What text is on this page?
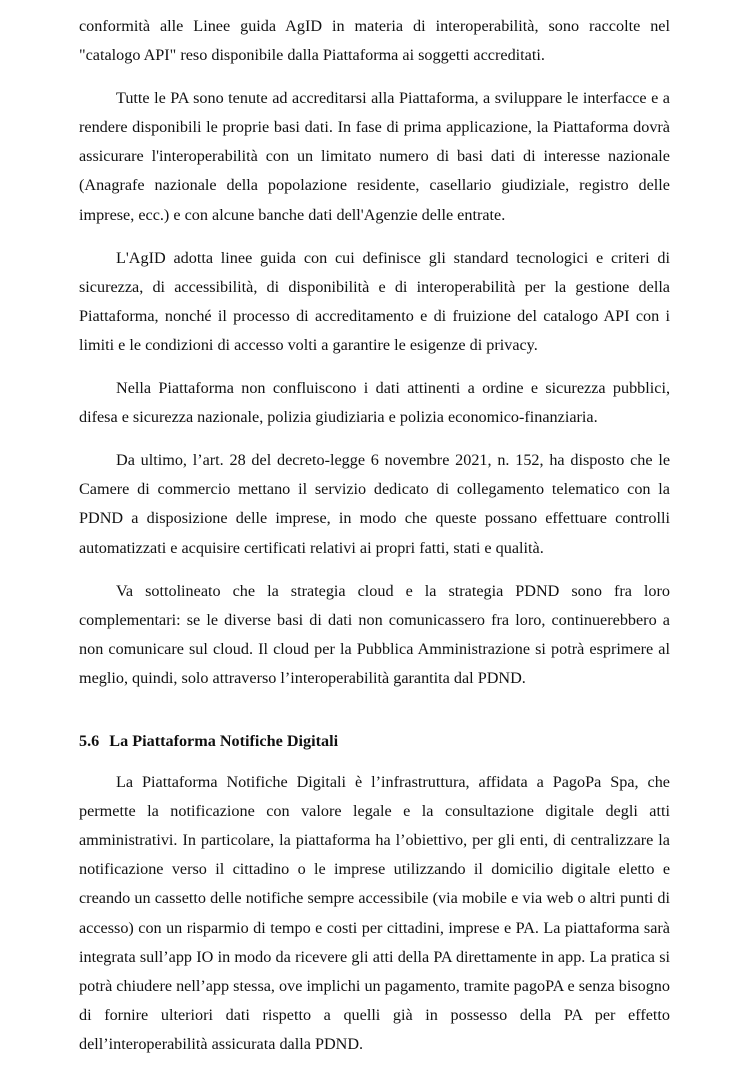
conformità alle Linee guida AgID in materia di interoperabilità, sono raccolte nel "catalogo API" reso disponibile dalla Piattaforma ai soggetti accreditati.

Tutte le PA sono tenute ad accreditarsi alla Piattaforma, a sviluppare le interfacce e a rendere disponibili le proprie basi dati. In fase di prima applicazione, la Piattaforma dovrà assicurare l'interoperabilità con un limitato numero di basi dati di interesse nazionale (Anagrafe nazionale della popolazione residente, casellario giudiziale, registro delle imprese, ecc.) e con alcune banche dati dell'Agenzie delle entrate.

L'AgID adotta linee guida con cui definisce gli standard tecnologici e criteri di sicurezza, di accessibilità, di disponibilità e di interoperabilità per la gestione della Piattaforma, nonché il processo di accreditamento e di fruizione del catalogo API con i limiti e le condizioni di accesso volti a garantire le esigenze di privacy.

Nella Piattaforma non confluiscono i dati attinenti a ordine e sicurezza pubblici, difesa e sicurezza nazionale, polizia giudiziaria e polizia economico-finanziaria.

Da ultimo, l’art. 28 del decreto-legge 6 novembre 2021, n. 152, ha disposto che le Camere di commercio mettano il servizio dedicato di collegamento telematico con la PDND a disposizione delle imprese, in modo che queste possano effettuare controlli automatizzati e acquisire certificati relativi ai propri fatti, stati e qualità.

Va sottolineato che la strategia cloud e la strategia PDND sono fra loro complementari: se le diverse basi di dati non comunicassero fra loro, continuerebbero a non comunicare sul cloud. Il cloud per la Pubblica Amministrazione si potrà esprimere al meglio, quindi, solo attraverso l’interoperabilità garantita dal PDND.

5.6 La Piattaforma Notifiche Digitali

La Piattaforma Notifiche Digitali è l’infrastruttura, affidata a PagoPa Spa, che permette la notificazione con valore legale e la consultazione digitale degli atti amministrativi. In particolare, la piattaforma ha l’obiettivo, per gli enti, di centralizzare la notificazione verso il cittadino o le imprese utilizzando il domicilio digitale eletto e creando un cassetto delle notifiche sempre accessibile (via mobile e via web o altri punti di accesso) con un risparmio di tempo e costi per cittadini, imprese e PA. La piattaforma sarà integrata sull’app IO in modo da ricevere gli atti della PA direttamente in app. La pratica si potrà chiudere nell’app stessa, ove implichi un pagamento, tramite pagoPA e senza bisogno di fornire ulteriori dati rispetto a quelli già in possesso della PA per effetto dell’interoperabilità assicurata dalla PDND.
